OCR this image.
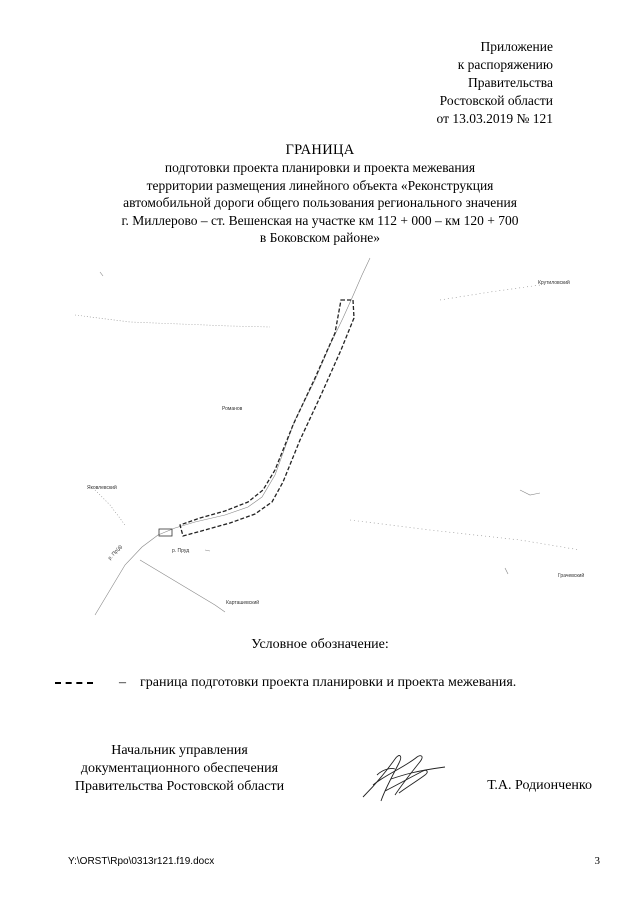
Приложение
к распоряжению
Правительства
Ростовской области
от 13.03.2019 № 121
ГРАНИЦА
подготовки проекта планировки и проекта межевания
территории размещения линейного объекта «Реконструкция
автомобильной дороги общего пользования регионального значения
г. Миллерово – ст. Вешенская на участке км 112 + 000 – км 120 + 700
в Боковском районе»
Крутиловский
Романов
Яковлевский
р. Пруд
Карташевский
Грачевский
р. Пр(д)
Условное обозначение:
– граница подготовки проекта планировки и проекта межевания.
Начальник управления
документационного обеспечения
Правительства Ростовской области	Т.А. Родионченко
Y:\ORST\Rpo\0313r121.f19.docx	3
